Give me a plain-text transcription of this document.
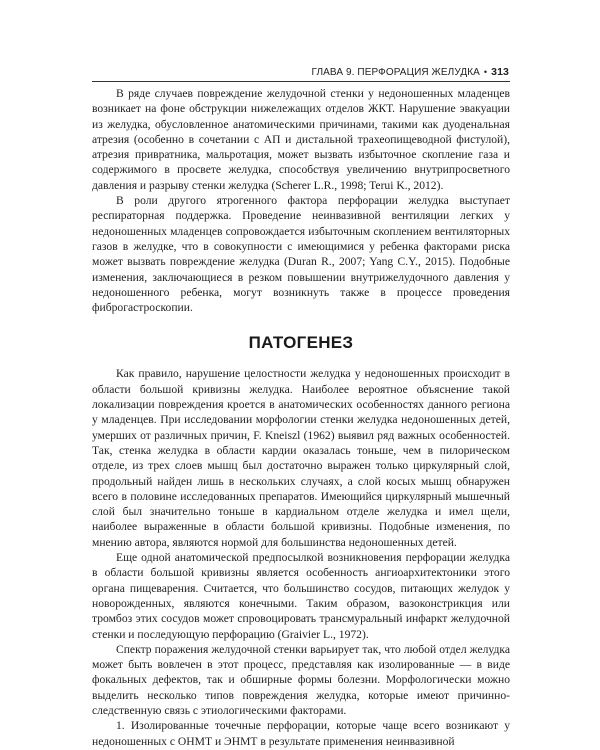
ГЛАВА 9. ПЕРФОРАЦИЯ ЖЕЛУДКА • 313

В ряде случаев повреждение желудочной стенки у недоношенных младенцев возникает на фоне обструкции нижележащих отделов ЖКТ. Нарушение эвакуации из желудка, обусловленное анатомическими причинами, такими как дуоденальная атрезия (особенно в сочетании с АП и дистальной трахеопищеводной фистулой), атрезия привратника, мальротация, может вызвать избыточное скопление газа и содержимого в просвете желудка, способствуя увеличению внутрипросветного давления и разрыву стенки желудка (Scherer L.R., 1998; Terui K., 2012).

В роли другого ятрогенного фактора перфорации желудка выступает респираторная поддержка. Проведение неинвазивной вентиляции легких у недоношенных младенцев сопровождается избыточным скоплением вентиляторных газов в желудке, что в совокупности с имеющимися у ребенка факторами риска может вызвать повреждение желудка (Duran R., 2007; Yang C.Y., 2015). Подобные изменения, заключающиеся в резком повышении внутрижелудочного давления у недоношенного ребенка, могут возникнуть также в процессе проведения фиброгастроскопии.

ПАТОГЕНЕЗ

Как правило, нарушение целостности желудка у недоношенных происходит в области большой кривизны желудка. Наиболее вероятное объяснение такой локализации повреждения кроется в анатомических особенностях данного региона у младенцев. При исследовании морфологии стенки желудка недоношенных детей, умерших от различных причин, F. Kneiszl (1962) выявил ряд важных особенностей. Так, стенка желудка в области кардии оказалась тоньше, чем в пилорическом отделе, из трех слоев мышц был достаточно выражен только циркулярный слой, продольный найден лишь в нескольких случаях, а слой косых мышц обнаружен всего в половине исследованных препаратов. Имеющийся циркулярный мышечный слой был значительно тоньше в кардиальном отделе желудка и имел щели, наиболее выраженные в области большой кривизны. Подобные изменения, по мнению автора, являются нормой для большинства недоношенных детей.

Еще одной анатомической предпосылкой возникновения перфорации желудка в области большой кривизны является особенность ангиоархитектоники этого органа пищеварения. Считается, что большинство сосудов, питающих желудок у новорожденных, являются конечными. Таким образом, вазоконстрикция или тромбоз этих сосудов может спровоцировать трансмуральный инфаркт желудочной стенки и последующую перфорацию (Graivier L., 1972).

Спектр поражения желудочной стенки варьирует так, что любой отдел желудка может быть вовлечен в этот процесс, представляя как изолированные — в виде фокальных дефектов, так и обширные формы болезни. Морфологически можно выделить несколько типов повреждения желудка, которые имеют причинно-следственную связь с этиологическими факторами.

1. Изолированные точечные перфорации, которые чаще всего возникают у недоношенных с ОНМТ и ЭНМТ в результате применения неинвазивной
